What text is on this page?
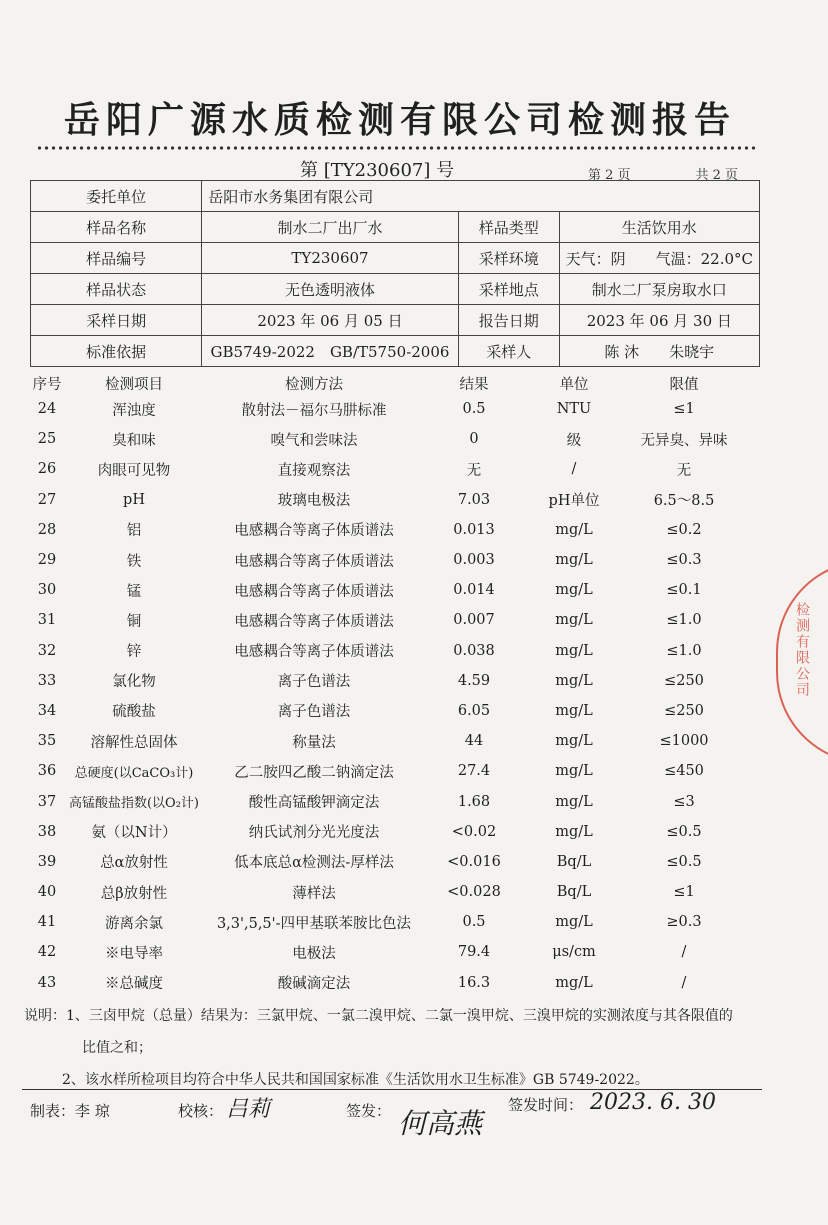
岳阳广源水质检测有限公司检测报告
第 [TY230607] 号	第 2 页	共 2 页
委托单位	岳阳市水务集团有限公司		
样品名称	制水二厂出厂水	样品类型	生活饮用水
样品编号	TY230607	采样环境	天气：阴　　气温：22.0°C
样品状态	无色透明液体	采样地点	制水二厂泵房取水口
采样日期	2023 年 06 月 05 日	报告日期	2023 年 06 月 30 日
标准依据	GB5749-2022　GB/T5750-2006	采样人	陈 沐　　朱晓宇
序号	检测项目	检测方法	结果	单位	限值
24	浑浊度	散射法－福尔马肼标准	0.5	NTU	≤1
25	臭和味	嗅气和尝味法	0	级	无异臭、异味
26	肉眼可见物	直接观察法	无	/	无
27	pH	玻璃电极法	7.03	pH单位	6.5～8.5
28	铝	电感耦合等离子体质谱法	0.013	mg/L	≤0.2
29	铁	电感耦合等离子体质谱法	0.003	mg/L	≤0.3
30	锰	电感耦合等离子体质谱法	0.014	mg/L	≤0.1
31	铜	电感耦合等离子体质谱法	0.007	mg/L	≤1.0
32	锌	电感耦合等离子体质谱法	0.038	mg/L	≤1.0
33	氯化物	离子色谱法	4.59	mg/L	≤250
34	硫酸盐	离子色谱法	6.05	mg/L	≤250
35	溶解性总固体	称量法	44	mg/L	≤1000
36	总硬度(以CaCO₃计)	乙二胺四乙酸二钠滴定法	27.4	mg/L	≤450
37 高锰酸盐指数(以O₂计)	酸性高锰酸钾滴定法	1.68	mg/L	≤3
38	氨（以N计）	纳氏试剂分光光度法	<0.02	mg/L	≤0.5
39	总α放射性	低本底总α检测法-厚样法	<0.016	Bq/L	≤0.5
40	总β放射性	薄样法	<0.028	Bq/L	≤1
41	游离余氯	3,3',5,5'-四甲基联苯胺比色法	0.5	mg/L	≥0.3
42	※电导率	电极法	79.4	μs/cm	/
43	※总碱度	酸碱滴定法	16.3	mg/L	/
说明：1、三卤甲烷（总量）结果为：三氯甲烷、一氯二溴甲烷、二氯一溴甲烷、三溴甲烷的实测浓度与其各限值的
比值之和；
2、该水样所检项目均符合中华人民共和国国家标准《生活饮用水卫生标准》GB 5749-2022。
制表：李 琼	校核： 吕莉	签发： 何高燕
签发时间： 2023. 6. 30
检测有限公司
